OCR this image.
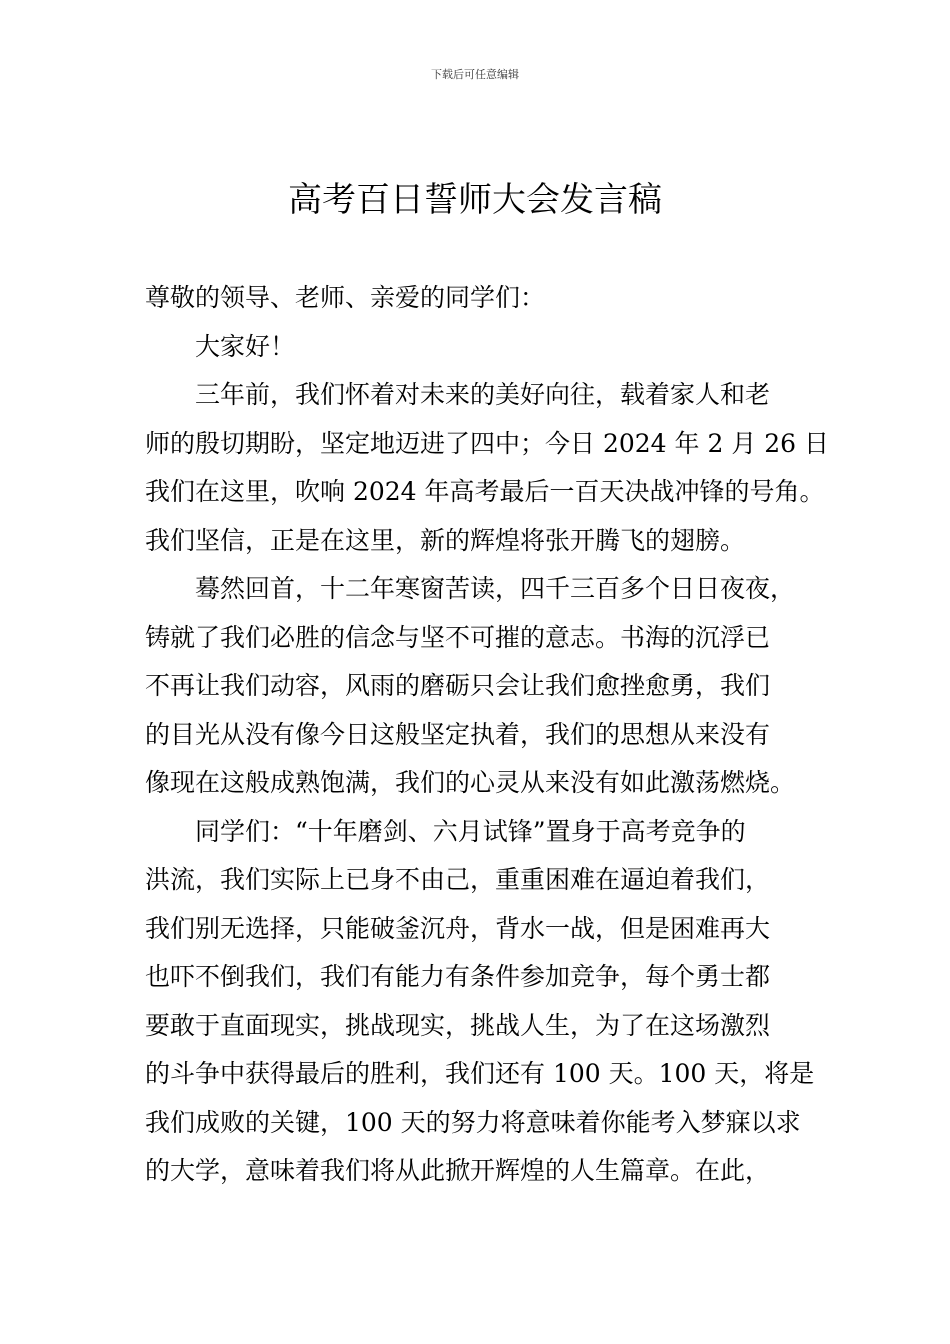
下载后可任意编辑
高考百日誓师大会发言稿
尊敬的领导、老师、亲爱的同学们：
大家好！
三年前，我们怀着对未来的美好向往，载着家人和老
师的殷切期盼，坚定地迈进了四中；今日 2024 年 2 月 26 日
我们在这里，吹响 2024 年高考最后一百天决战冲锋的号角。
我们坚信，正是在这里，新的辉煌将张开腾飞的翅膀。
蓦然回首，十二年寒窗苦读，四千三百多个日日夜夜，
铸就了我们必胜的信念与坚不可摧的意志。书海的沉浮已
不再让我们动容，风雨的磨砺只会让我们愈挫愈勇，我们
的目光从没有像今日这般坚定执着，我们的思想从来没有
像现在这般成熟饱满，我们的心灵从来没有如此激荡燃烧。
同学们：“十年磨剑、六月试锋”置身于高考竞争的
洪流，我们实际上已身不由己，重重困难在逼迫着我们，
我们别无选择，只能破釜沉舟，背水一战，但是困难再大
也吓不倒我们，我们有能力有条件参加竞争，每个勇士都
要敢于直面现实，挑战现实，挑战人生，为了在这场激烈
的斗争中获得最后的胜利，我们还有 100 天。100 天，将是
我们成败的关键，100 天的努力将意味着你能考入梦寐以求
的大学，意味着我们将从此掀开辉煌的人生篇章。在此，
